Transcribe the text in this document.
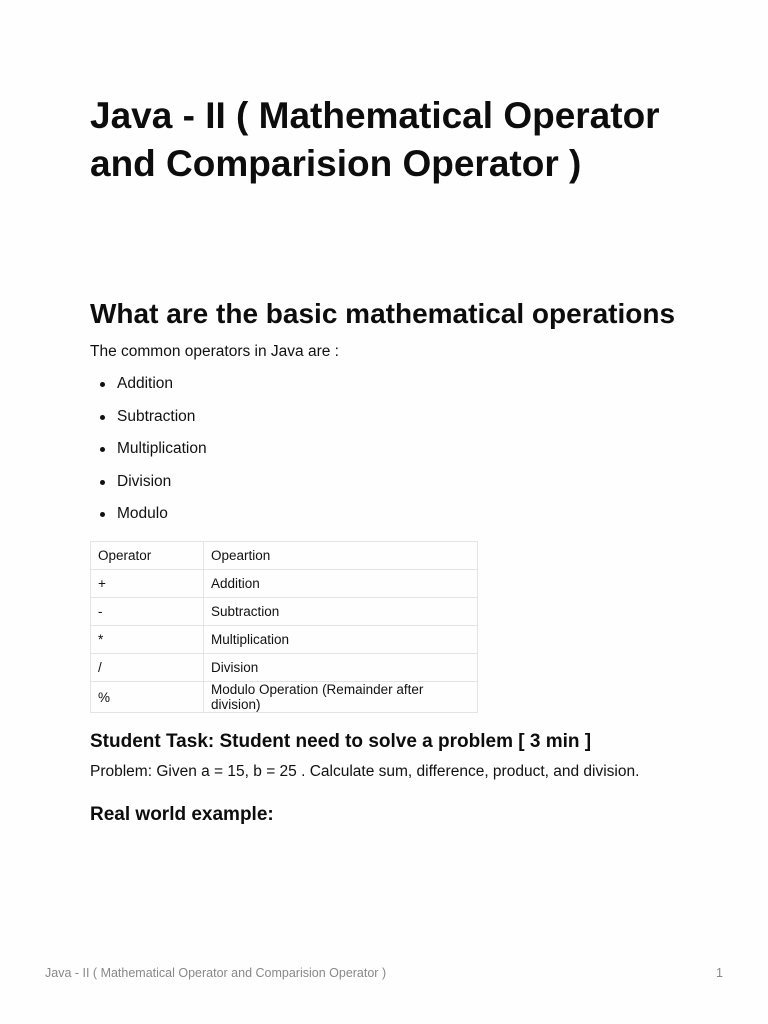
Java - II ( Mathematical Operator and Comparision Operator )
What are the basic mathematical operations

The common operators in Java are :

Addition
Subtraction
Multiplication
Division
Modulo
Operator	Opeartion
+	Addition
-	Subtraction
*	Multiplication
/	Division
%	Modulo Operation (Remainder after division)
Student Task: Student need to solve a problem [ 3 min ]

Problem: Given a = 15, b = 25 . Calculate sum, difference, product, and division.

Real world example:
Java - II ( Mathematical Operator and Comparision Operator )	1
